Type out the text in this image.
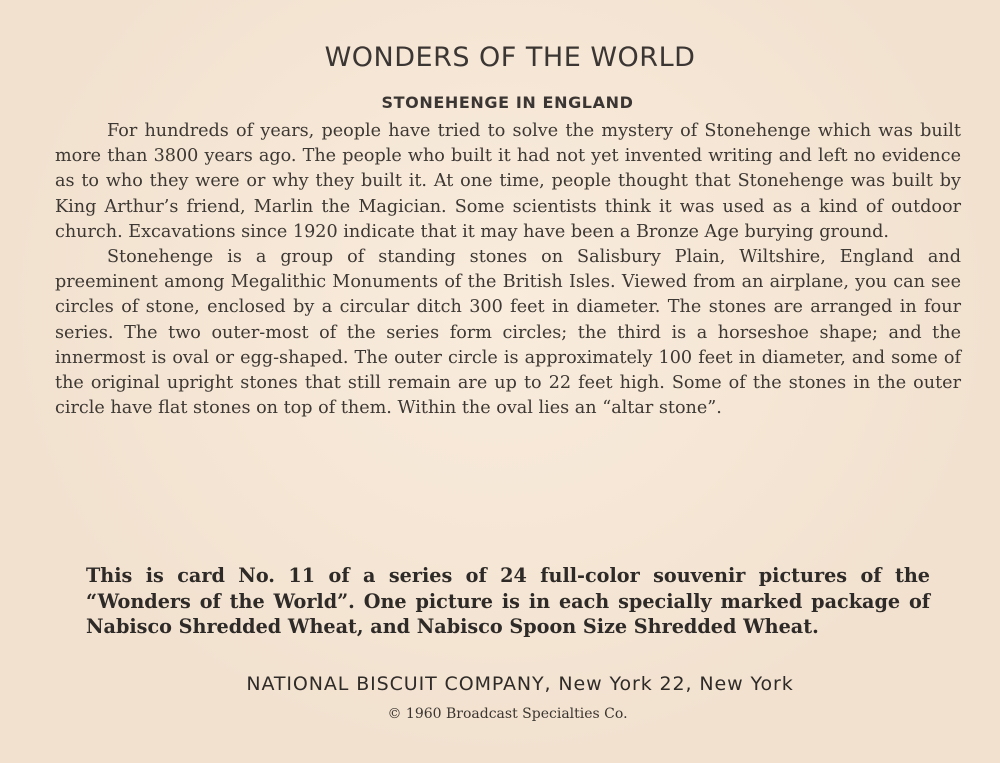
WONDERS OF THE WORLD
STONEHENGE IN ENGLAND

For hundreds of years, people have tried to solve the mystery of Stonehenge which was built more than 3800 years ago. The people who built it had not yet invented writing and left no evidence as to who they were or why they built it. At one time, people thought that Stonehenge was built by King Arthur’s friend, Marlin the Magician. Some scientists think it was used as a kind of outdoor church. Excavations since 1920 indicate that it may have been a Bronze Age burying ground.

Stonehenge is a group of standing stones on Salisbury Plain, Wiltshire, England and preeminent among Megalithic Monuments of the British Isles. Viewed from an airplane, you can see circles of stone, enclosed by a circular ditch 300 feet in diameter. The stones are arranged in four series. The two outer-most of the series form circles; the third is a horseshoe shape; and the innermost is oval or egg-shaped. The outer circle is approximately 100 feet in diameter, and some of the original upright stones that still remain are up to 22 feet high. Some of the stones in the outer circle have flat stones on top of them. Within the oval lies an “altar stone”.

This is card No. 11 of a series of 24 full-color souvenir pictures of the “Wonders of the World”. One picture is in each specially marked package of Nabisco Shredded Wheat, and Nabisco Spoon Size Shredded Wheat.

NATIONAL BISCUIT COMPANY, New York 22, New York

© 1960 Broadcast Specialties Co.
